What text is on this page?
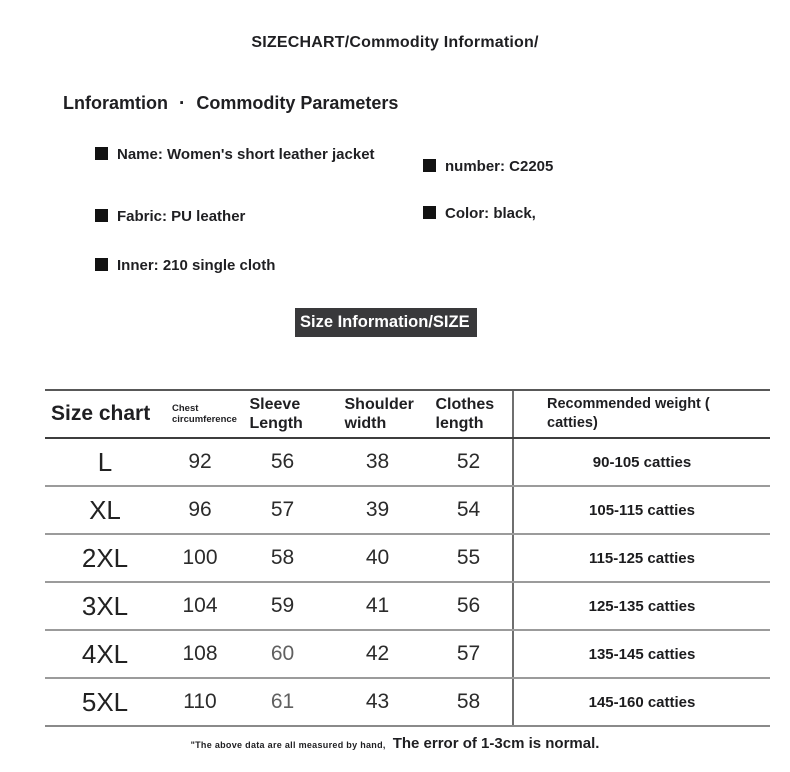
SIZECHART/Commodity Information/
Lnforamtion · Commodity Parameters
Name: Women's short leather jacket
number: C2205
Fabric: PU leather	Color: black,
Inner: 210 single cloth
Size Information/SIZE
Size chart	Chest circumference	Sleeve Length	Shoulder width	Clothes length	Recommended weight ( catties)
L	92	56	38	52	90-105 catties
XL	96	57	39	54	105-115 catties
2XL	100	58	40	55	115-125 catties
3XL	104	59	41	56	125-135 catties
4XL	108	60	42	57	135-145 catties
5XL	110	61	43	58	145-160 catties
"The above data are all measured by hand, The error of 1-3cm is normal.
